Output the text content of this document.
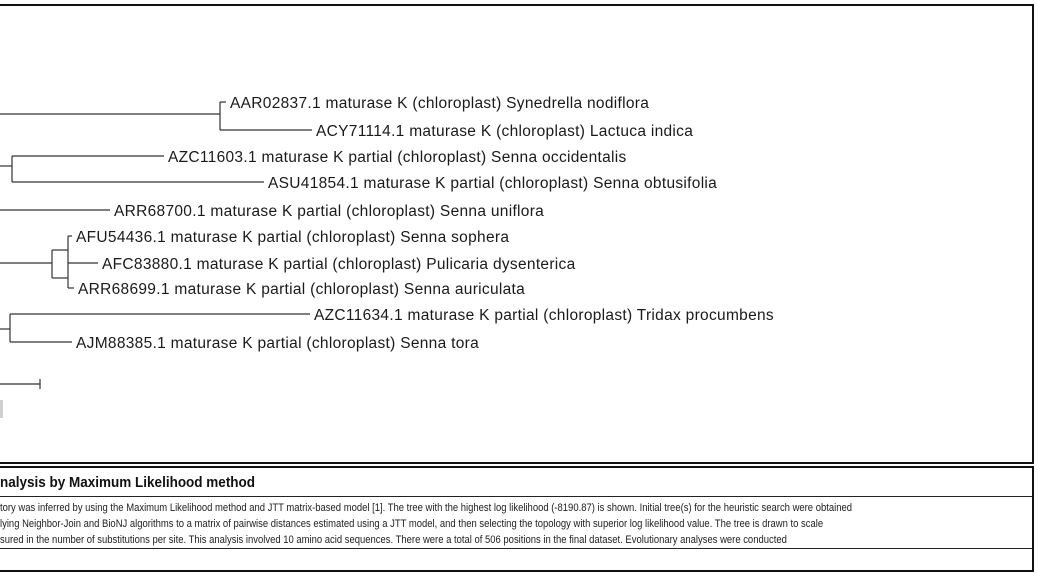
AAR02837.1 maturase K (chloroplast) Synedrella nodiflora
ACY71114.1 maturase K (chloroplast) Lactuca indica
AZC11603.1 maturase K partial (chloroplast) Senna occidentalis
ASU41854.1 maturase K partial (chloroplast) Senna obtusifolia
ARR68700.1 maturase K partial (chloroplast) Senna uniflora
AFU54436.1 maturase K partial (chloroplast) Senna sophera
AFC83880.1 maturase K partial (chloroplast) Pulicaria dysenterica
ARR68699.1 maturase K partial (chloroplast) Senna auriculata
AZC11634.1 maturase K partial (chloroplast) Tridax procumbens
AJM88385.1 maturase K partial (chloroplast) Senna tora
nalysis by Maximum Likelihood method
tory was inferred by using the Maximum Likelihood method and JTT matrix-based model [1]. The tree with the highest log likelihood (-8190.87) is shown. Initial tree(s) for the heuristic search were obtained
lying Neighbor-Join and BioNJ algorithms to a matrix of pairwise distances estimated using a JTT model, and then selecting the topology with superior log likelihood value. The tree is drawn to scale
sured in the number of substitutions per site. This analysis involved 10 amino acid sequences. There were a total of 506 positions in the final dataset. Evolutionary analyses were conducted
